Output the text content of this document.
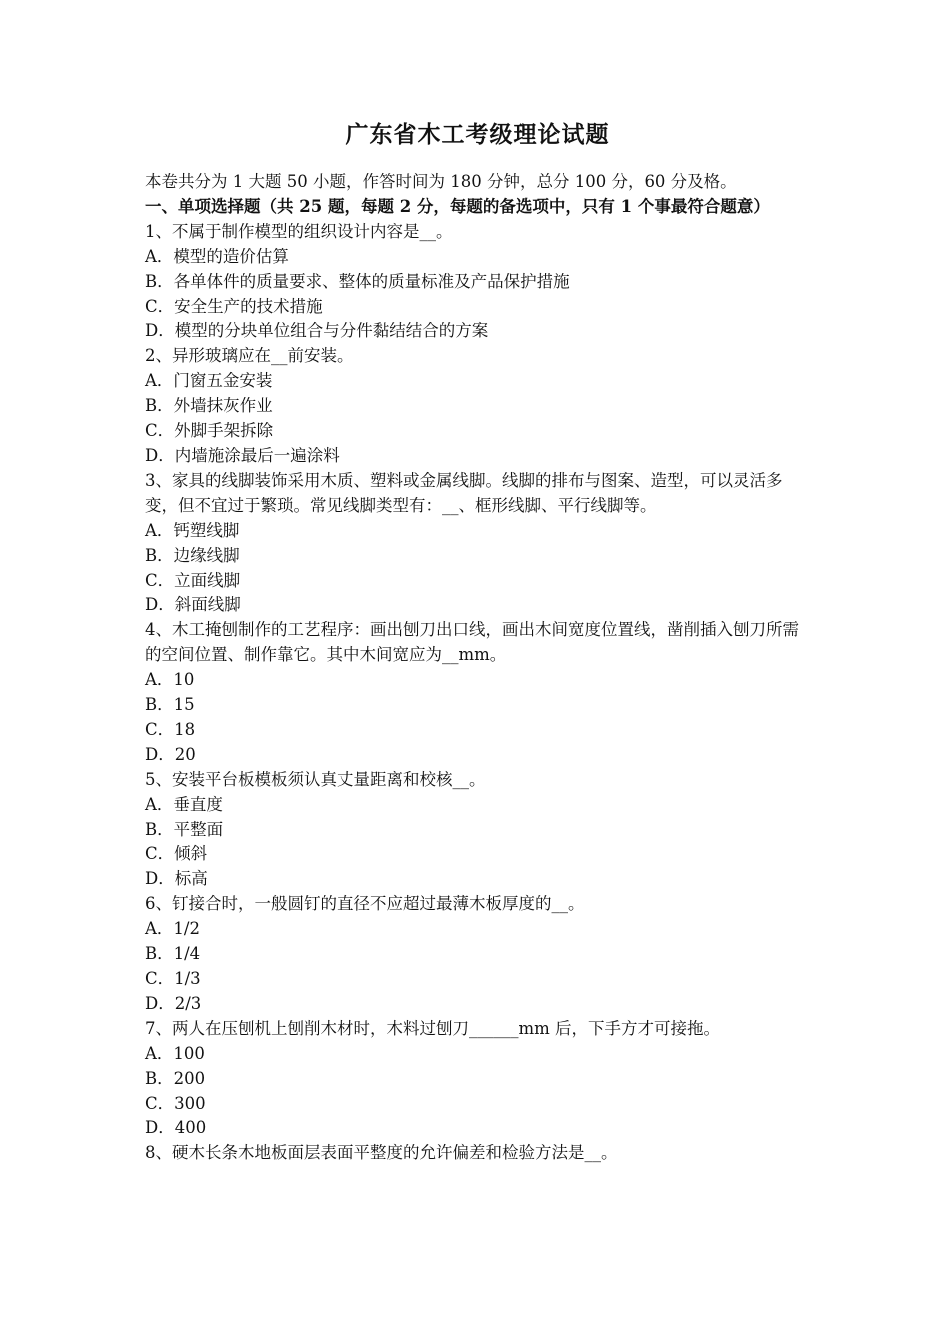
广东省木工考级理论试题

本卷共分为 1 大题 50 小题，作答时间为 180 分钟，总分 100 分，60 分及格。

一、单项选择题（共 25 题，每题 2 分，每题的备选项中，只有 1 个事最符合题意）

1、不属于制作模型的组织设计内容是__。

A．模型的造价估算

B．各单体件的质量要求、整体的质量标准及产品保护措施

C．安全生产的技术措施

D．模型的分块单位组合与分件黏结结合的方案

2、异形玻璃应在__前安装。

A．门窗五金安装

B．外墙抹灰作业

C．外脚手架拆除

D．内墙施涂最后一遍涂料

3、家具的线脚装饰采用木质、塑料或金属线脚。线脚的排布与图案、造型，可以灵活多变，但不宜过于繁琐。常见线脚类型有：__、框形线脚、平行线脚等。

A．钙塑线脚

B．边缘线脚

C．立面线脚

D．斜面线脚

4、木工掩刨制作的工艺程序：画出刨刀出口线，画出木间宽度位置线，凿削插入刨刀所需的空间位置、制作靠它。其中木间宽应为__mm。

A．10

B．15

C．18

D．20

5、安装平台板模板须认真丈量距离和校核__。

A．垂直度

B．平整面

C．倾斜

D．标高

6、钉接合时，一般圆钉的直径不应超过最薄木板厚度的__。

A．1/2

B．1/4

C．1/3

D．2/3

7、两人在压刨机上刨削木材时，木料过刨刀______mm 后，下手方才可接拖。

A．100

B．200

C．300

D．400

8、硬木长条木地板面层表面平整度的允许偏差和检验方法是__。
